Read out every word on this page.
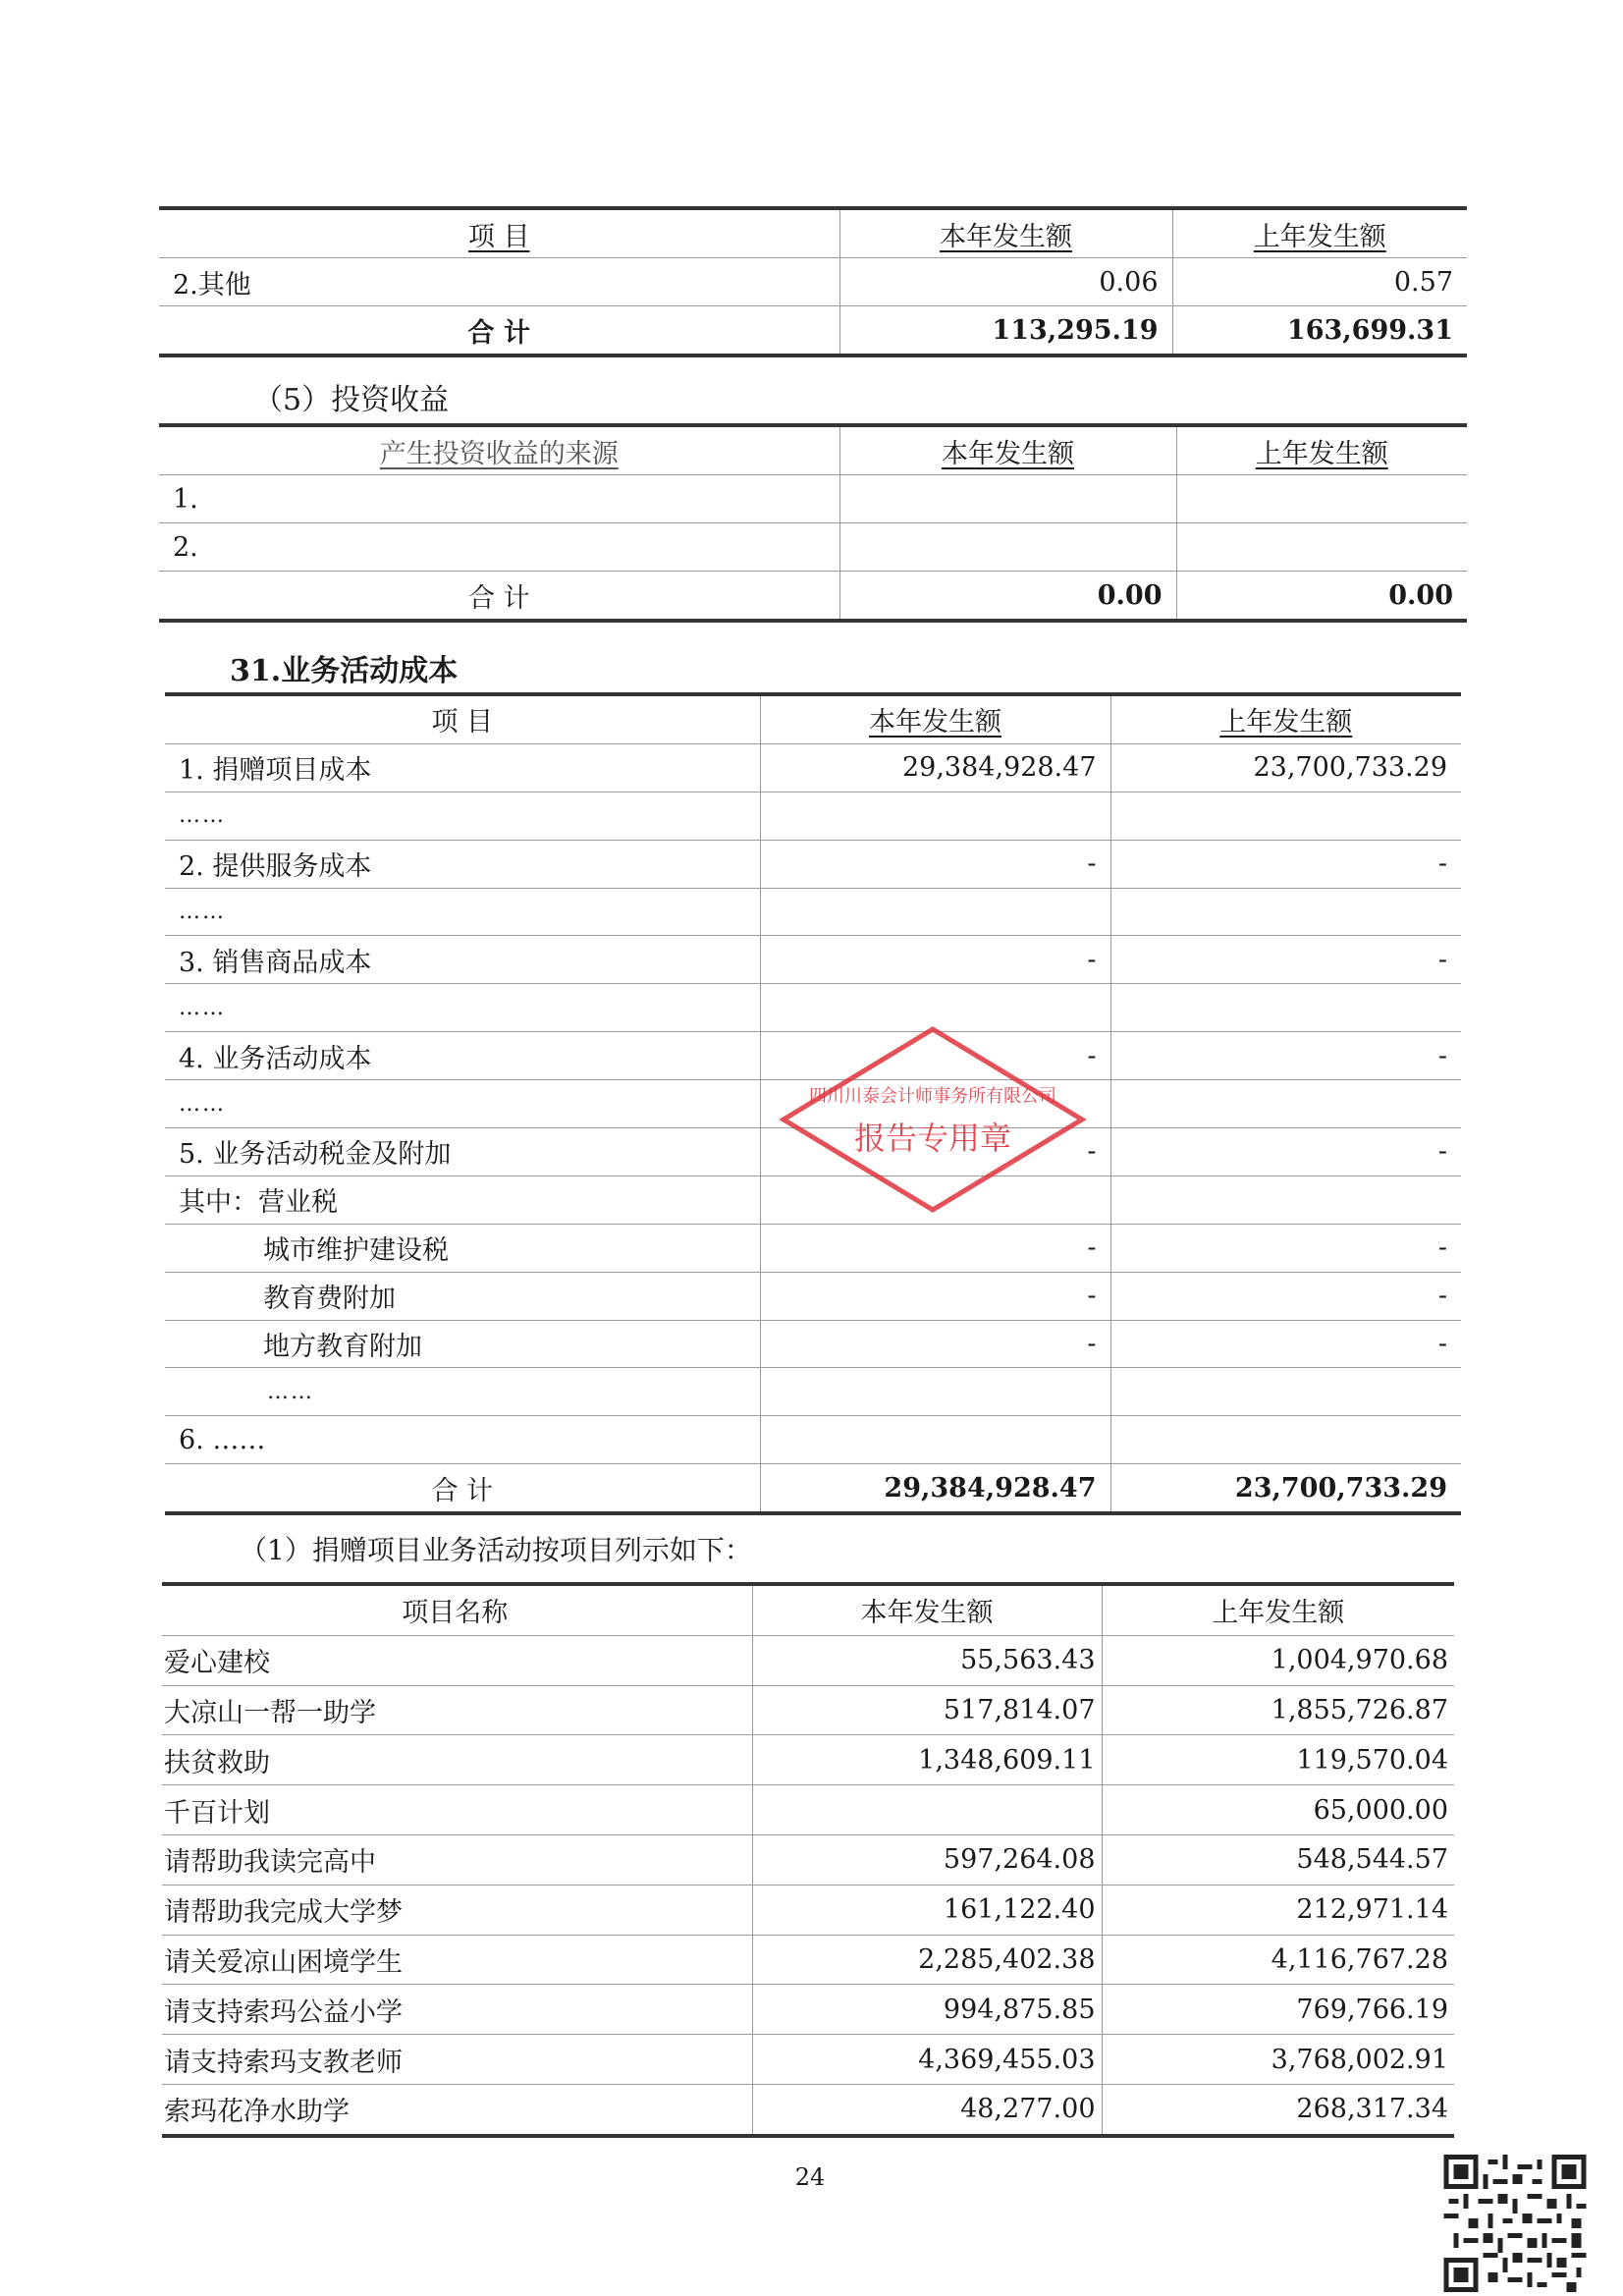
项 目	本年发生额	上年发生额
2.其他	0.06	0.57
合 计	113,295.19	163,699.31
（5）投资收益
产生投资收益的来源	本年发生额	上年发生额
1.		
2.		
合 计	0.00	0.00
31.业务活动成本
项 目	本年发生额	上年发生额
1. 捐赠项目成本	29,384,928.47	23,700,733.29
……		
2. 提供服务成本	-	-
……		
3. 销售商品成本	-	-
……		
4. 业务活动成本	-	-
……		
5. 业务活动税金及附加	-	-
其中：营业税		
城市维护建设税	-	-
教育费附加	-	-
地方教育附加	-	-
……		
6. ……		
合 计	29,384,928.47	23,700,733.29
（1）捐赠项目业务活动按项目列示如下：
项目名称	本年发生额	上年发生额
爱心建校	55,563.43	1,004,970.68
大凉山一帮一助学	517,814.07	1,855,726.87
扶贫救助	1,348,609.11	119,570.04
千百计划		65,000.00
请帮助我读完高中	597,264.08	548,544.57
请帮助我完成大学梦	161,122.40	212,971.14
请关爱凉山困境学生	2,285,402.38	4,116,767.28
请支持索玛公益小学	994,875.85	769,766.19
请支持索玛支教老师	4,369,455.03	3,768,002.91
索玛花净水助学	48,277.00	268,317.34
四川川泰会计师事务所有限公司
报告专用章
24
